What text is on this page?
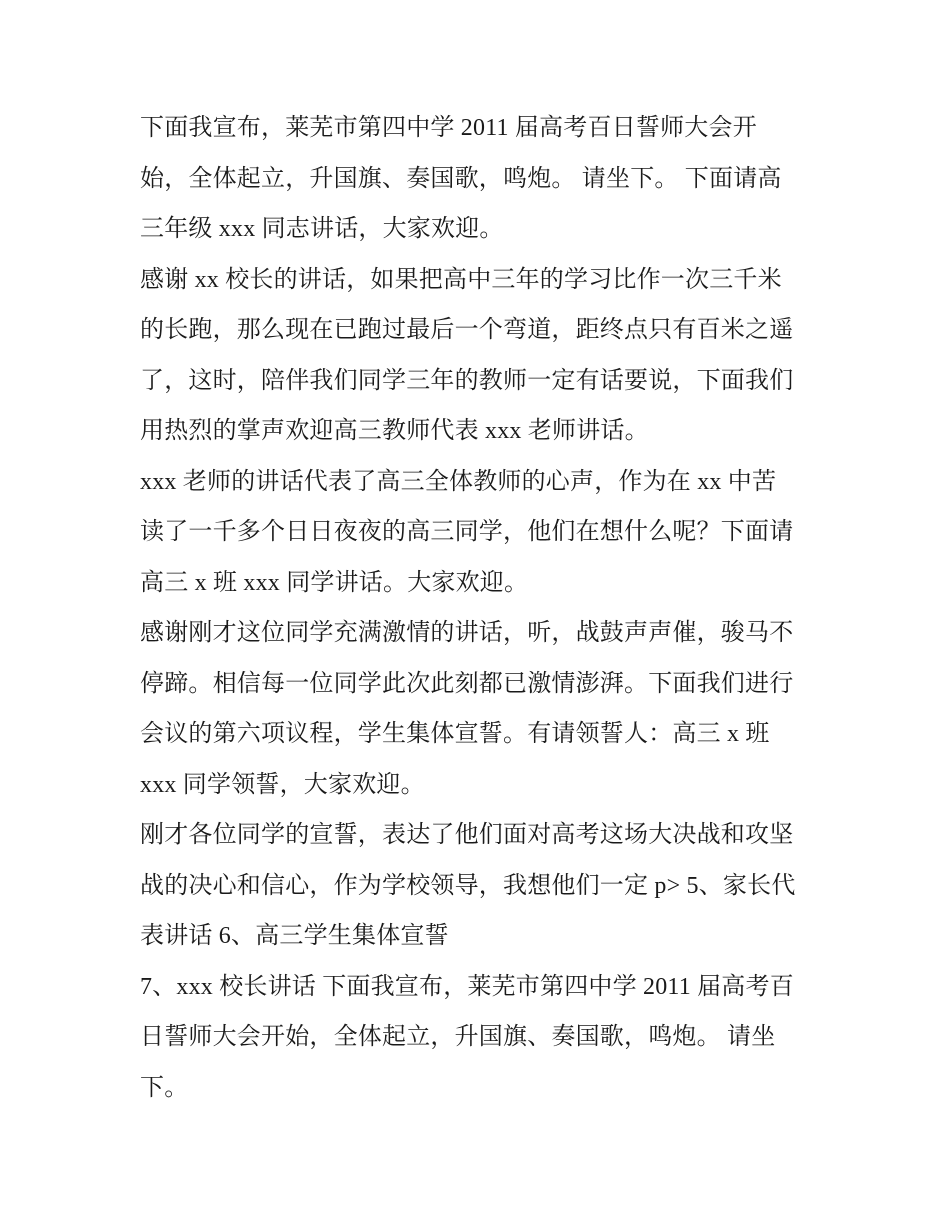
下面我宣布，莱芜市第四中学 2011 届高考百日誓师大会开
始，全体起立，升国旗、奏国歌，鸣炮。 请坐下。 下面请高
三年级 xxx 同志讲话，大家欢迎。
感谢 xx 校长的讲话，如果把高中三年的学习比作一次三千米
的长跑，那么现在已跑过最后一个弯道，距终点只有百米之遥
了，这时，陪伴我们同学三年的教师一定有话要说，下面我们
用热烈的掌声欢迎高三教师代表 xxx 老师讲话。
xxx 老师的讲话代表了高三全体教师的心声，作为在 xx 中苦
读了一千多个日日夜夜的高三同学，他们在想什么呢？下面请
高三 x 班 xxx 同学讲话。大家欢迎。
感谢刚才这位同学充满激情的讲话，听，战鼓声声催，骏马不
停蹄。相信每一位同学此次此刻都已激情澎湃。下面我们进行
会议的第六项议程，学生集体宣誓。有请领誓人：高三 x 班
xxx 同学领誓，大家欢迎。
刚才各位同学的宣誓，表达了他们面对高考这场大决战和攻坚
战的决心和信心，作为学校领导，我想他们一定 p> 5、家长代
表讲话 6、高三学生集体宣誓
7、xxx 校长讲话 下面我宣布，莱芜市第四中学 2011 届高考百
日誓师大会开始，全体起立，升国旗、奏国歌，鸣炮。 请坐
下。
